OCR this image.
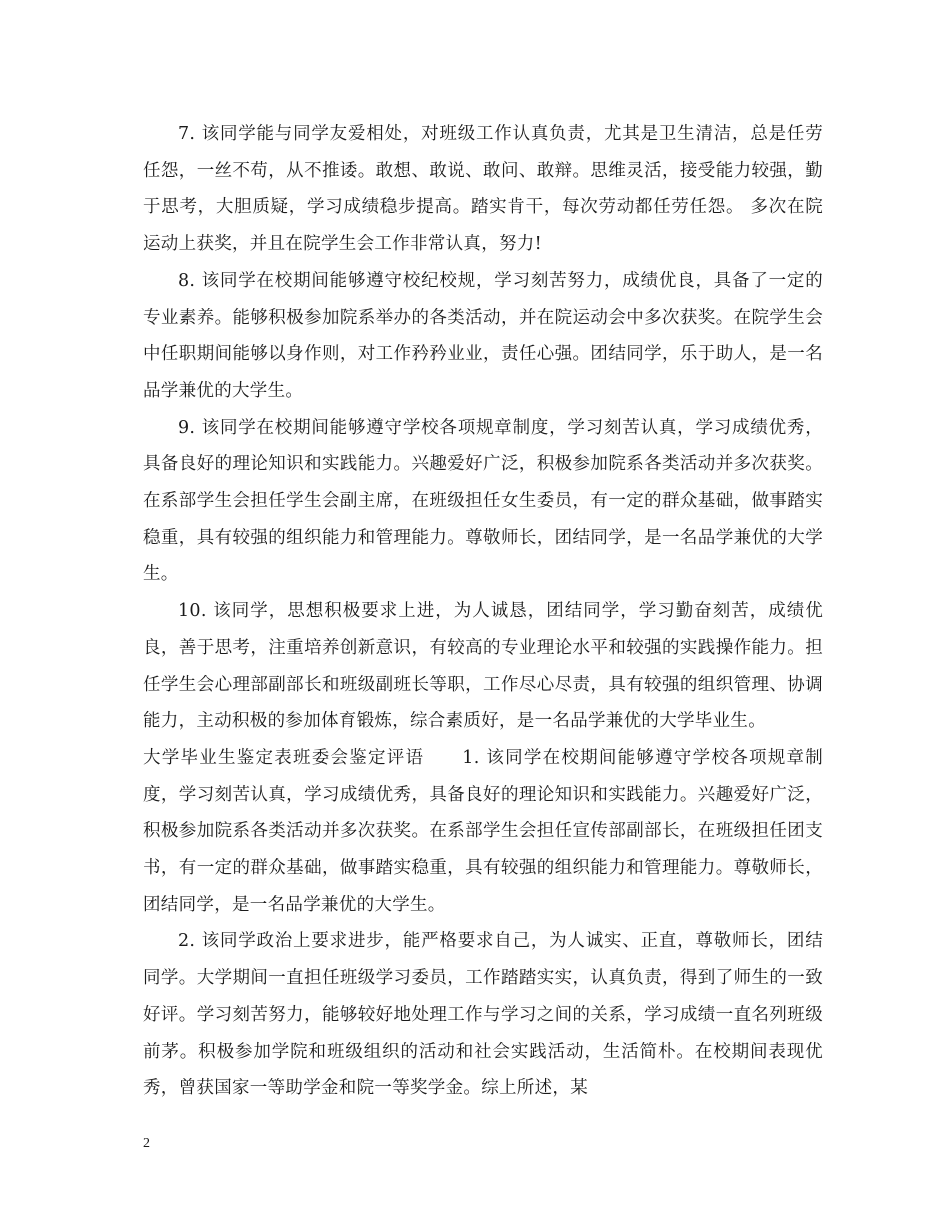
7. 该同学能与同学友爱相处，对班级工作认真负责，尤其是卫生清洁，总是任劳任怨，一丝不苟，从不推诿。敢想、敢说、敢问、敢辩。思维灵活，接受能力较强，勤于思考，大胆质疑，学习成绩稳步提高。踏实肯干，每次劳动都任劳任怨。 多次在院运动上获奖，并且在院学生会工作非常认真，努力!

8. 该同学在校期间能够遵守校纪校规，学习刻苦努力，成绩优良，具备了一定的专业素养。能够积极参加院系举办的各类活动，并在院运动会中多次获奖。在院学生会中任职期间能够以身作则，对工作矜矜业业，责任心强。团结同学，乐于助人，是一名品学兼优的大学生。

9. 该同学在校期间能够遵守学校各项规章制度，学习刻苦认真，学习成绩优秀，具备良好的理论知识和实践能力。兴趣爱好广泛，积极参加院系各类活动并多次获奖。在系部学生会担任学生会副主席，在班级担任女生委员，有一定的群众基础，做事踏实稳重，具有较强的组织能力和管理能力。尊敬师长，团结同学，是一名品学兼优的大学生。

10. 该同学，思想积极要求上进，为人诚恳，团结同学，学习勤奋刻苦，成绩优良，善于思考，注重培养创新意识，有较高的专业理论水平和较强的实践操作能力。担任学生会心理部副部长和班级副班长等职，工作尽心尽责，具有较强的组织管理、协调能力，主动积极的参加体育锻炼，综合素质好，是一名品学兼优的大学毕业生。

大学毕业生鉴定表班委会鉴定评语 1. 该同学在校期间能够遵守学校各项规章制度，学习刻苦认真，学习成绩优秀，具备良好的理论知识和实践能力。兴趣爱好广泛，积极参加院系各类活动并多次获奖。在系部学生会担任宣传部副部长，在班级担任团支书，有一定的群众基础，做事踏实稳重，具有较强的组织能力和管理能力。尊敬师长，团结同学，是一名品学兼优的大学生。

2. 该同学政治上要求进步，能严格要求自己，为人诚实、正直，尊敬师长，团结同学。大学期间一直担任班级学习委员，工作踏踏实实，认真负责，得到了师生的一致好评。学习刻苦努力，能够较好地处理工作与学习之间的关系，学习成绩一直名列班级前茅。积极参加学院和班级组织的活动和社会实践活动，生活简朴。在校期间表现优秀，曾获国家一等助学金和院一等奖学金。综上所述，某

2
